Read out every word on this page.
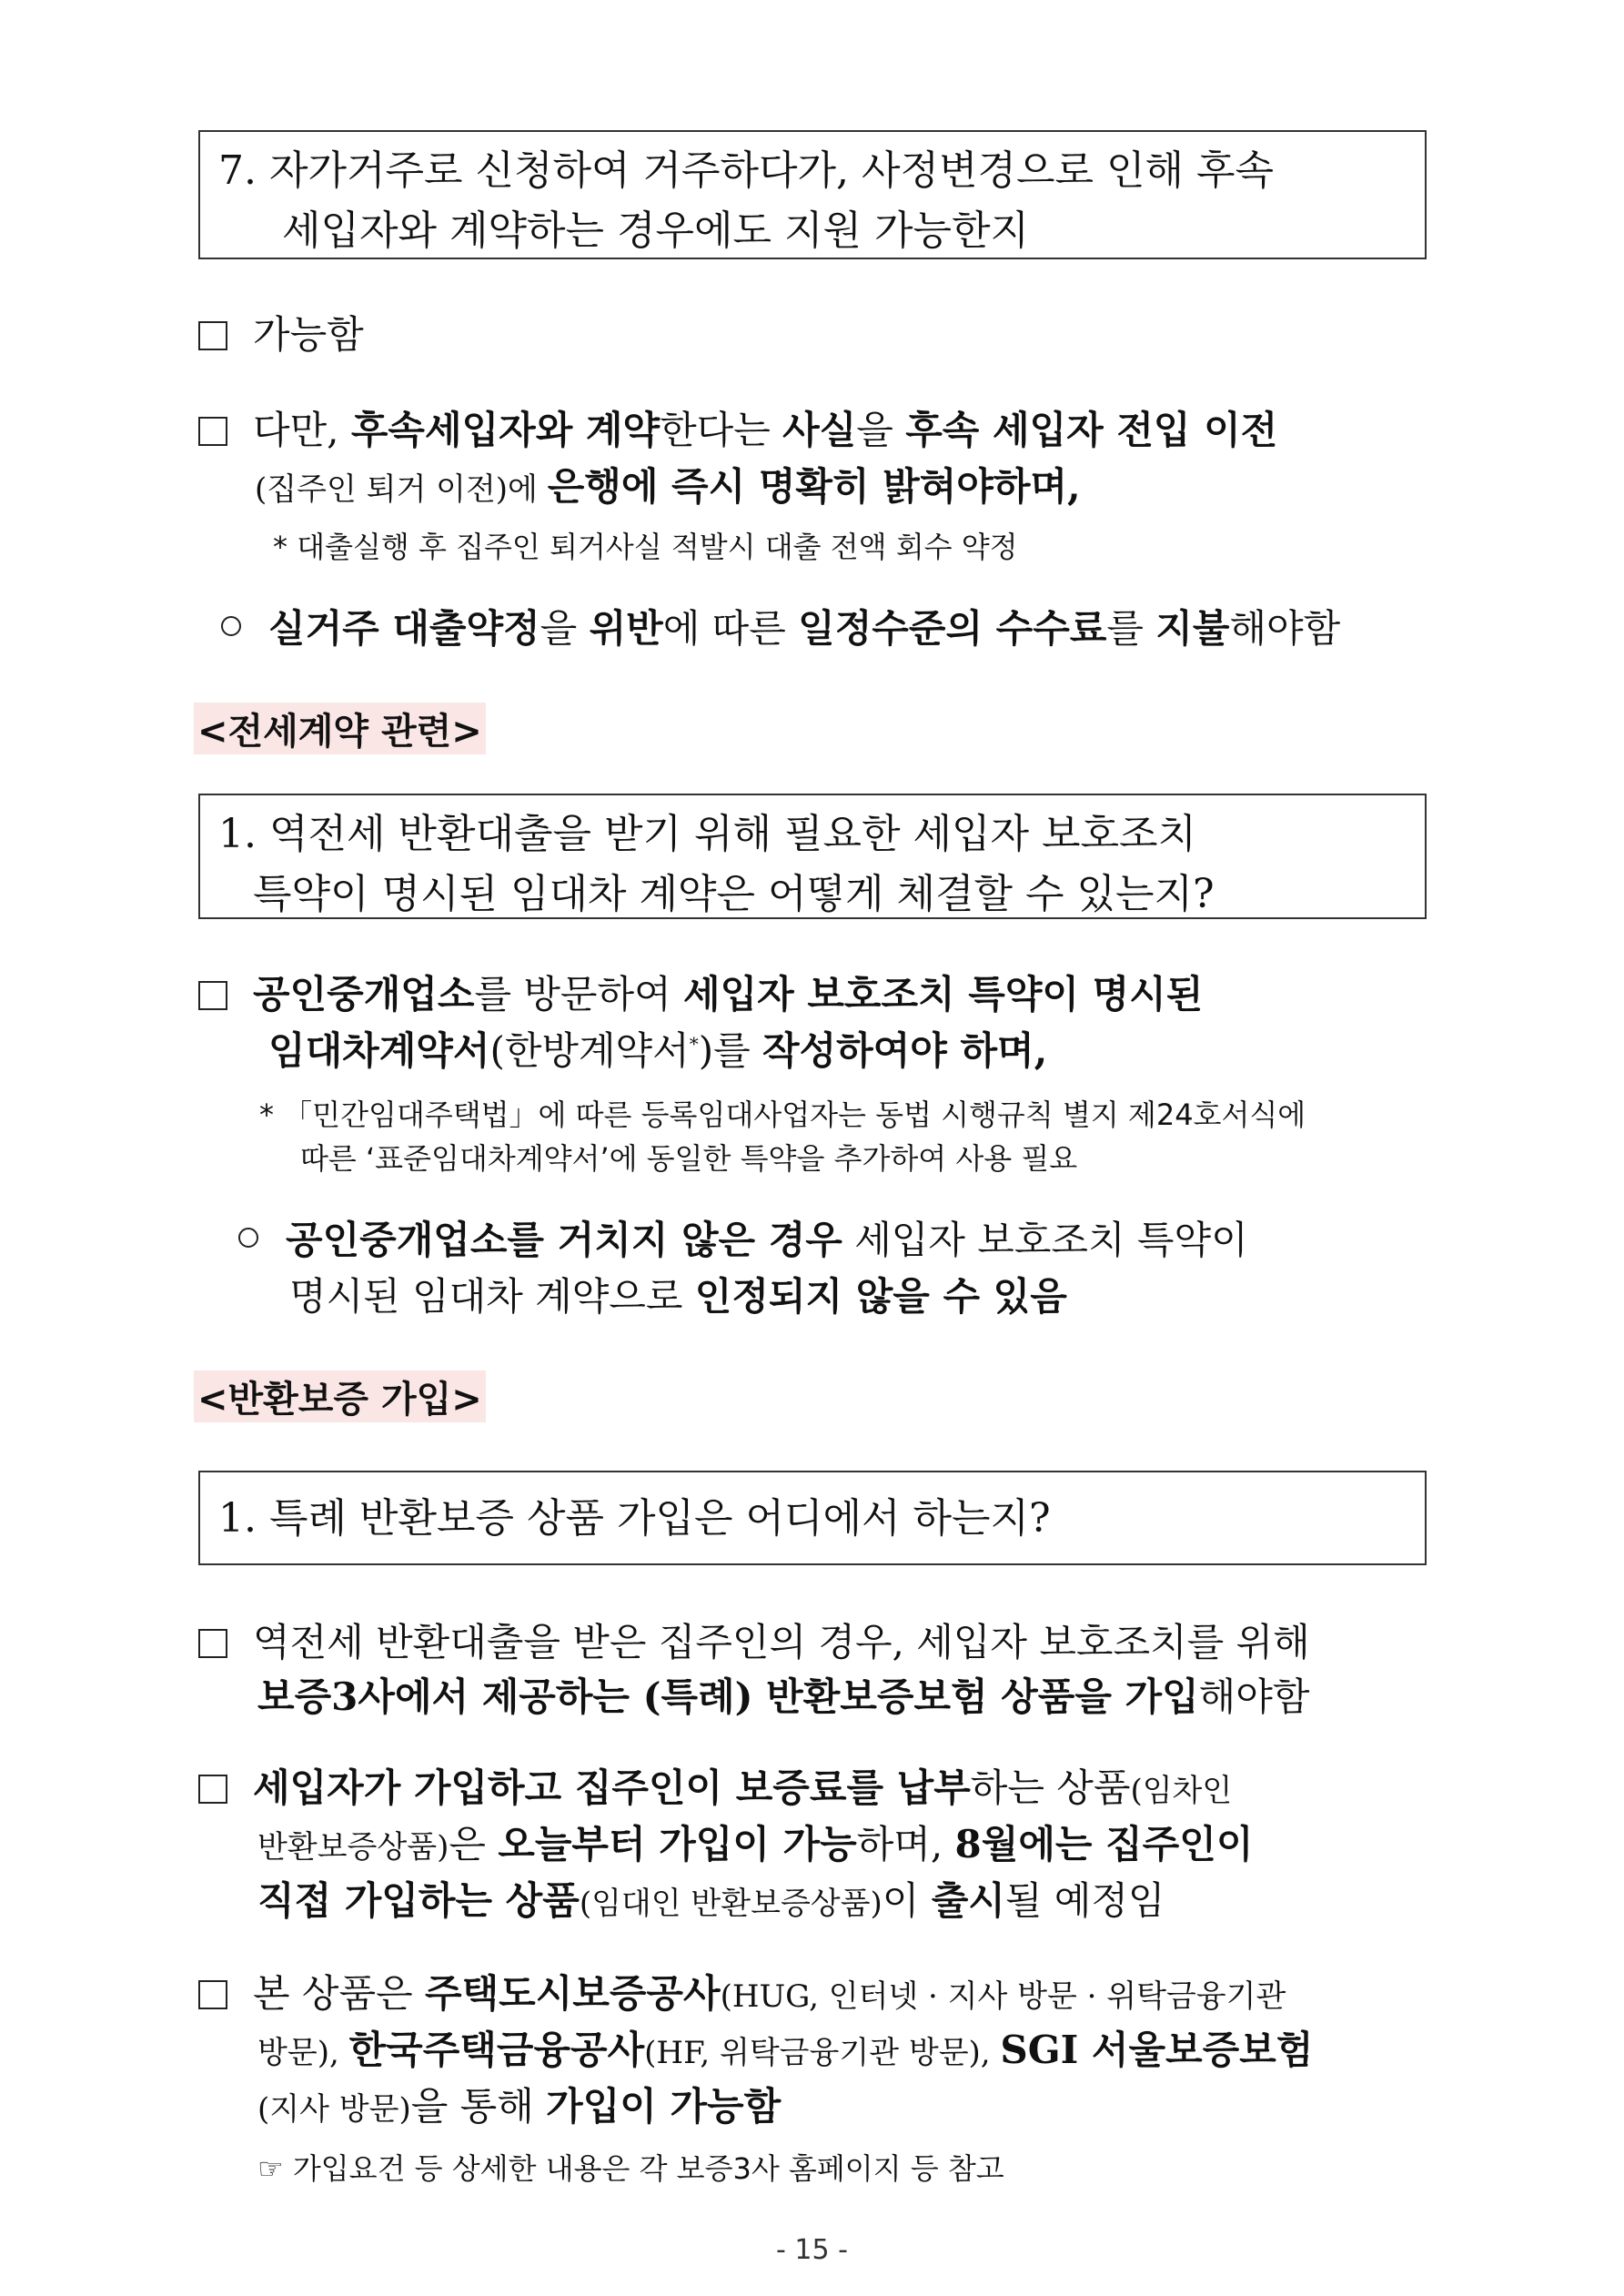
7. 자가거주로 신청하여 거주하다가, 사정변경으로 인해 후속
세입자와 계약하는 경우에도 지원 가능한지
가능함
다만, 후속세입자와 계약한다는 사실을 후속 세입자 전입 이전
(집주인 퇴거 이전)에 은행에 즉시 명확히 밝혀야하며,
* 대출실행 후 집주인 퇴거사실 적발시 대출 전액 회수 약정
실거주 대출약정을 위반에 따른 일정수준의 수수료를 지불해야함
<전세계약 관련>
1. 역전세 반환대출을 받기 위해 필요한 세입자 보호조치
특약이 명시된 임대차 계약은 어떻게 체결할 수 있는지?
공인중개업소를 방문하여 세입자 보호조치 특약이 명시된
임대차계약서(한방계약서*)를 작성하여야 하며,
* 「민간임대주택법」에 따른 등록임대사업자는 동법 시행규칙 별지 제24호서식에
따른 ‘표준임대차계약서’에 동일한 특약을 추가하여 사용 필요
공인중개업소를 거치지 않은 경우 세입자 보호조치 특약이
명시된 임대차 계약으로 인정되지 않을 수 있음
<반환보증 가입>
1. 특례 반환보증 상품 가입은 어디에서 하는지?
역전세 반환대출을 받은 집주인의 경우, 세입자 보호조치를 위해
보증3사에서 제공하는 (특례) 반환보증보험 상품을 가입해야함
세입자가 가입하고 집주인이 보증료를 납부하는 상품(임차인
반환보증상품)은 오늘부터 가입이 가능하며, 8월에는 집주인이
직접 가입하는 상품(임대인 반환보증상품)이 출시될 예정임
본 상품은 주택도시보증공사(HUG, 인터넷 · 지사 방문 · 위탁금융기관
방문), 한국주택금융공사(HF, 위탁금융기관 방문), SGI 서울보증보험
(지사 방문)을 통해 가입이 가능함
☞ 가입요건 등 상세한 내용은 각 보증3사 홈페이지 등 참고
- 15 -
